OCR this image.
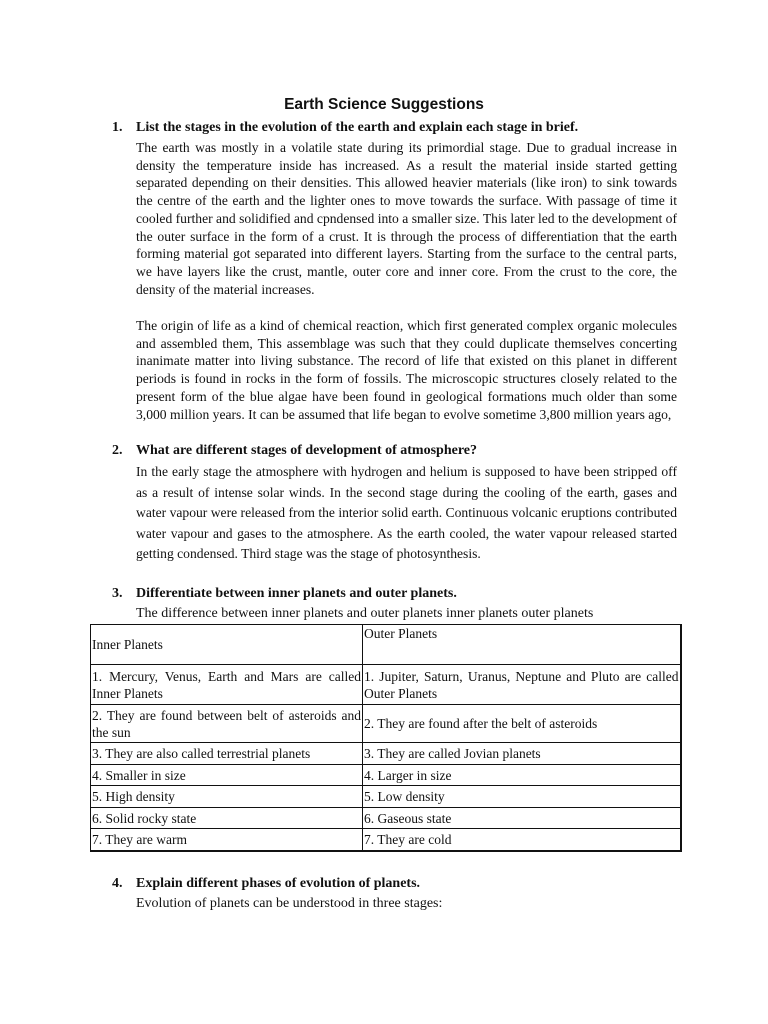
Earth Science Suggestions
1. List the stages in the evolution of the earth and explain each stage in brief.
The earth was mostly in a volatile state during its primordial stage. Due to gradual increase in density the temperature inside has increased. As a result the material inside started getting separated depending on their densities. This allowed heavier materials (like iron) to sink towards the centre of the earth and the lighter ones to move towards the surface. With passage of time it cooled further and solidified and cpndensed into a smaller size. This later led to the development of the outer surface in the form of a crust. It is through the process of differentiation that the earth forming material got separated into different layers. Starting from the surface to the central parts, we have layers like the crust, mantle, outer core and inner core. From the crust to the core, the density of the material increases.
The origin of life as a kind of chemical reaction, which first generated complex organic molecules and assembled them, This assemblage was such that they could duplicate themselves concerting inanimate matter into living substance. The record of life that existed on this planet in different periods is found in rocks in the form of fossils. The microscopic structures closely related to the present form of the blue algae have been found in geological formations much older than some 3,000 million years. It can be assumed that life began to evolve sometime 3,800 million years ago,
2. What are different stages of development of atmosphere?
In the early stage the atmosphere with hydrogen and helium is supposed to have been stripped off as a result of intense solar winds. In the second stage during the cooling of the earth, gases and water vapour were released from the interior solid earth. Continuous volcanic eruptions contributed water vapour and gases to the atmosphere. As the earth cooled, the water vapour released started getting condensed. Third stage was the stage of photosynthesis.
3. Differentiate between inner planets and outer planets.
The difference between inner planets and outer planets inner planets outer planets
Inner Planets	Outer Planets
1. Mercury, Venus, Earth and Mars are called Inner Planets	1. Jupiter, Saturn, Uranus, Neptune and Pluto are called Outer Planets
2. They are found between belt of asteroids and the sun	2. They are found after the belt of asteroids
3. They are also called terrestrial planets	3. They are called Jovian planets
4. Smaller in size	4. Larger in size
5. High density	5. Low density
6. Solid rocky state	6. Gaseous state
7. They are warm	7. They are cold
4. Explain different phases of evolution of planets.
Evolution of planets can be understood in three stages:
